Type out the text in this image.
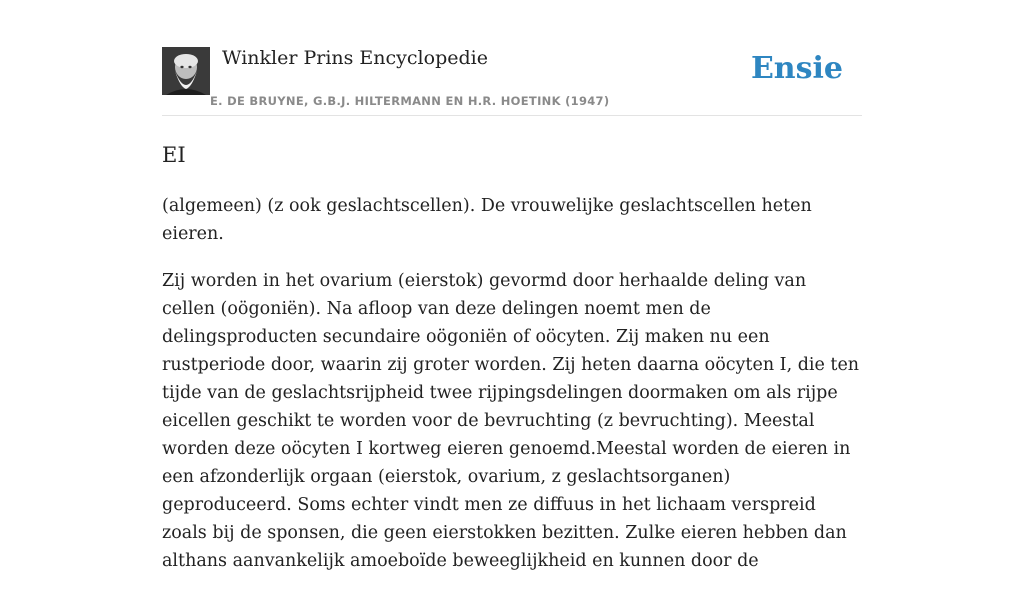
Winkler Prins Encyclopedie
E. DE BRUYNE, G.B.J. HILTERMANN EN H.R. HOETINK (1947)
Ensie
EI

(algemeen) (z ook geslachtscellen). De vrouwelijke geslachtscellen heten eieren.

Zij worden in het ovarium (eierstok) gevormd door herhaalde deling van cellen (oögoniën). Na afloop van deze delingen noemt men de delingsproducten secundaire oögoniën of oöcyten. Zij maken nu een rustperiode door, waarin zij groter worden. Zij heten daarna oöcyten I, die ten tijde van de geslachtsrijpheid twee rijpingsdelingen doormaken om als rijpe eicellen geschikt te worden voor de bevruchting (z bevruchting). Meestal worden deze oöcyten I kortweg eieren genoemd.Meestal worden de eieren in een afzonderlijk orgaan (eierstok, ovarium, z geslachtsorganen) geproduceerd. Soms echter vindt men ze diffuus in het lichaam verspreid zoals bij de sponsen, die geen eierstokken bezitten. Zulke eieren hebben dan althans aanvankelijk amoeboïde beweeglijkheid en kunnen door de
